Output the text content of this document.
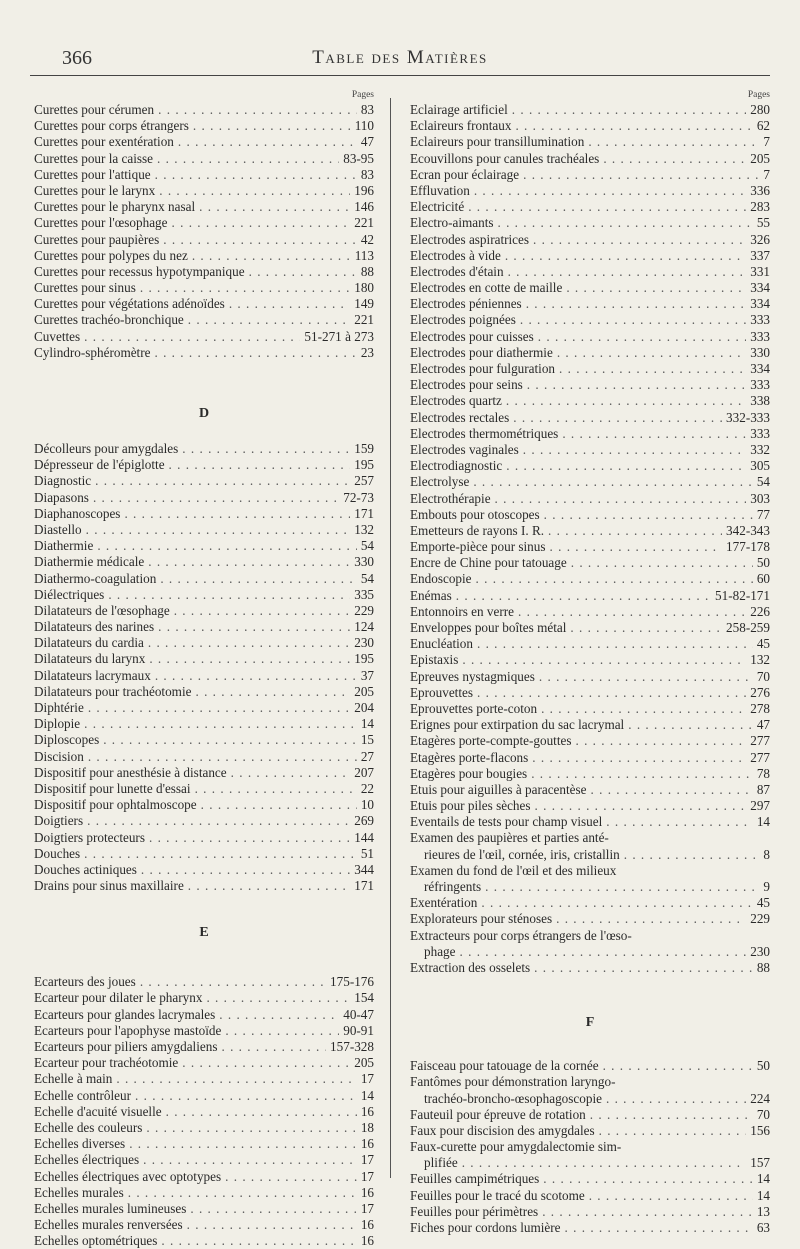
366	Table des Matières
Pages
Curettes pour cérumen . . .	83
Curettes pour corps étrangers . . .	110
Curettes pour exentération . . .	47
Curettes pour la caisse . . .	83-95
Curettes pour l'attique . . .	83
Curettes pour le larynx . . .	196
Curettes pour le pharynx nasal . . .	146
Curettes pour l'œsophage . . .	221
Curettes pour paupières . . .	42
Curettes pour polypes du nez . . .	113
Curettes pour recessus hypotympanique . . .	88
Curettes pour sinus . . .	180
Curettes pour végétations adénoïdes . . .	149
Curettes trachéo-bronchique . . .	221
Cuvettes . . .	51-271 à 273
Cylindro-sphéromètre . . .	23
D
Décolleurs pour amygdales . . .	159
Dépresseur de l'épiglotte . . .	195
Diagnostic . . .	257
Diapasons . . .	72-73
Diaphanoscopes . . .	171
Diastello . . .	132
Diathermie . . .	54
Diathermie médicale . . .	330
Diathermo-coagulation . . .	54
Diélectriques . . .	335
Dilatateurs de l'œsophage . . .	229
Dilatateurs des narines . . .	124
Dilatateurs du cardia . . .	230
Dilatateurs du larynx . . .	195
Dilatateurs lacrymaux . . .	37
Dilatateurs pour trachéotomie . . .	205
Diphtérie . . .	204
Diplopie . . .	14
Diploscopes . . .	15
Discision . . .	27
Dispositif pour anesthésie à distance . . .	207
Dispositif pour lunette d'essai . . .	22
Dispositif pour ophtalmoscope . . .	10
Doigtiers . . .	269
Doigtiers protecteurs . . .	144
Douches . . .	51
Douches actiniques . . .	344
Drains pour sinus maxillaire . . .	171
E
Ecarteurs des joues . . .	175-176
Ecarteur pour dilater le pharynx . . .	154
Ecarteurs pour glandes lacrymales . . .	40-47
Ecarteurs pour l'apophyse mastoïde . . .	90-91
Ecarteurs pour piliers amygdaliens . . .	157-328
Ecarteur pour trachéotomie . . .	205
Echelle à main . . .	17
Echelle contrôleur . . .	14
Echelle d'acuité visuelle . . .	16
Echelle des couleurs . . .	18
Echelles diverses . . .	16
Echelles électriques . . .	17
Echelles électriques avec optotypes . . .	17
Echelles murales . . .	16
Echelles murales lumineuses . . .	17
Echelles murales renversées . . .	16
Echelles optométriques . . .	16
Pages
Eclairage artificiel . . .	280
Eclaireurs frontaux . . .	62
Eclaireurs pour transillumination . . .	7
Ecouvillons pour canules trachéales . . .	205
Ecran pour éclairage . . .	7
Effluvation . . .	336
Electricité . . .	283
Electro-aimants . . .	55
Electrodes aspiratrices . . .	326
Electrodes à vide . . .	337
Electrodes d'étain . . .	331
Electrodes en cotte de maille . . .	334
Electrodes péniennes . . .	334
Electrodes poignées . . .	333
Electrodes pour cuisses . . .	333
Electrodes pour diathermie . . .	330
Electrodes pour fulguration . . .	334
Electrodes pour seins . . .	333
Electrodes quartz . . .	338
Electrodes rectales . . .	332-333
Electrodes thermométriques . . .	333
Electrodes vaginales . . .	332
Electrodiagnostic . . .	305
Electrolyse . . .	54
Electrothérapie . . .	303
Embouts pour otoscopes . . .	77
Emetteurs de rayons I. R. . . .	342-343
Emporte-pièce pour sinus . . .	177-178
Encre de Chine pour tatouage . . .	50
Endoscopie . . .	60
Enémas . . .	51-82-171
Entonnoirs en verre . . .	226
Enveloppes pour boîtes métal . . .	258-259
Enucléation . . .	45
Epistaxis . . .	132
Epreuves nystagmiques . . .	70
Eprouvettes . . .	276
Eprouvettes porte-coton . . .	278
Erignes pour extirpation du sac lacrymal . . .	47
Etagères porte-compte-gouttes . . .	277
Etagères porte-flacons . . .	277
Etagères pour bougies . . .	78
Etuis pour aiguilles à paracentèse . . .	87
Etuis pour piles sèches . . .	297
Eventails de tests pour champ visuel . . .	14
Examen des paupières et parties anté-
rieures de l'œil, cornée, iris, cristallin . . .	8
Examen du fond de l'œil et des milieux
réfringents . . .	9
Exentération . . .	45
Explorateurs pour sténoses . . .	229
Extracteurs pour corps étrangers de l'œso-
phage . . .	230
Extraction des osselets . . .	88
F
Faisceau pour tatouage de la cornée . . .	50
Fantômes pour démonstration laryngo-
trachéo-broncho-œsophagoscopie . . .	224
Fauteuil pour épreuve de rotation . . .	70
Faux pour discision des amygdales . . .	156
Faux-curette pour amygdalectomie sim-
plifiée . . .	157
Feuilles campimétriques . . .	14
Feuilles pour le tracé du scotome . . .	14
Feuilles pour périmètres . . .	13
Fiches pour cordons lumière . . .	63
